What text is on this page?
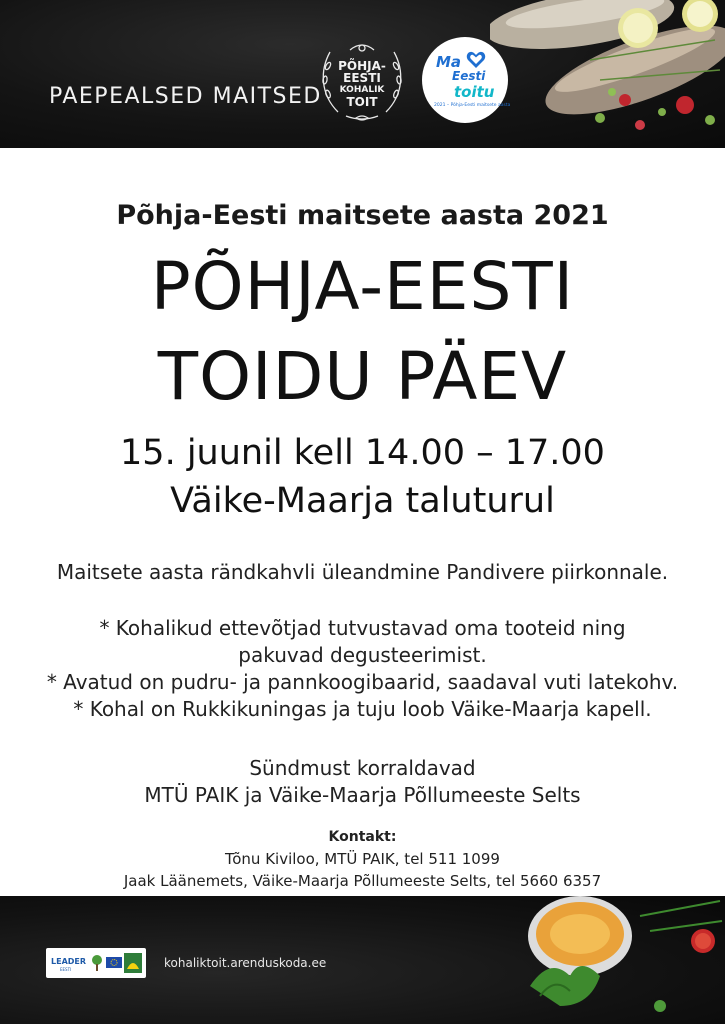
PAEPEALSED MAITSED
PÕHJA-
EESTI
KOHALIK
TOIT
Ma
Eesti
toitu
2021 – Põhja-Eesti maitsete aasta
Põhja-Eesti maitsete aasta 2021
PÕHJA-EESTI
TOIDU PÄEV
15. juunil kell 14.00 – 17.00
Väike-Maarja taluturul
Maitsete aasta rändkahvli üleandmine Pandivere piirkonnale.
* Kohalikud ettevõtjad tutvustavad oma tooteid ning
pakuvad degusteerimist.
* Avatud on pudru- ja pannkoogibaarid, saadaval vuti latekohv.
* Kohal on Rukkikuningas ja tuju loob Väike-Maarja kapell.
Sündmust korraldavad
MTÜ PAIK ja Väike-Maarja Põllumeeste Selts
Kontakt:
Tõnu Kiviloo, MTÜ PAIK, tel 511 1099
Jaak Läänemets, Väike-Maarja Põllumeeste Selts, tel 5660 6357
LEADER
EESTI	kohaliktoit.arenduskoda.ee
